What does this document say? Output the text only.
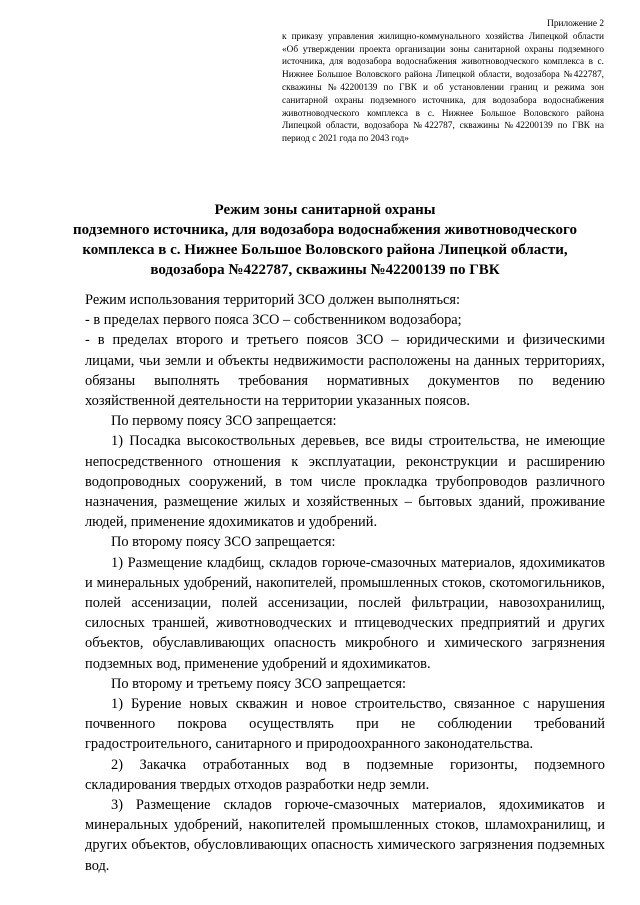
Приложение 2
к приказу управления жилищно-коммунального хозяйства Липецкой области «Об утверждении проекта организации зоны санитарной охраны подземного источника, для водозабора водоснабжения животноводческого комплекса в с. Нижнее Большое Воловского района Липецкой области, водозабора №422787, скважины №42200139 по ГВК и об установлении границ и режима зон санитарной охраны подземного источника, для водозабора водоснабжения животноводческого комплекса в с. Нижнее Большое Воловского района Липецкой области, водозабора №422787, скважины №42200139 по ГВК на период с 2021 года по 2043 год»
Режим зоны санитарной охраны
подземного источника, для водозабора водоснабжения животноводческого комплекса в с. Нижнее Большое Воловского района Липецкой области, водозабора №422787, скважины №42200139 по ГВК

Режим использования территорий ЗСО должен выполняться:

- в пределах первого пояса ЗСО – собственником водозабора;

- в пределах второго и третьего поясов ЗСО – юридическими и физическими лицами, чьи земли и объекты недвижимости расположены на данных территориях, обязаны выполнять требования нормативных документов по ведению хозяйственной деятельности на территории указанных поясов.

По первому поясу ЗСО запрещается:

1) Посадка высокоствольных деревьев, все виды строительства, не имеющие непосредственного отношения к эксплуатации, реконструкции и расширению водопроводных сооружений, в том числе прокладка трубопроводов различного назначения, размещение жилых и хозяйственных – бытовых зданий, проживание людей, применение ядохимикатов и удобрений.

По второму поясу ЗСО запрещается:

1) Размещение кладбищ, складов горюче-смазочных материалов, ядохимикатов и минеральных удобрений, накопителей, промышленных стоков, скотомогильников, полей ассенизации, полей ассенизации, послей фильтрации, навозохранилищ, силосных траншей, животноводческих и птицеводческих предприятий и других объектов, обуславливающих опасность микробного и химического загрязнения подземных вод, применение удобрений и ядохимикатов.

По второму и третьему поясу ЗСО запрещается:

1) Бурение новых скважин и новое строительство, связанное с нарушения почвенного покрова осуществлять при не соблюдении требований градостроительного, санитарного и природоохранного законодательства.

2) Закачка отработанных вод в подземные горизонты, подземного складирования твердых отходов разработки недр земли.

3) Размещение складов горюче-смазочных материалов, ядохимикатов и минеральных удобрений, накопителей промышленных стоков, шламохранилищ, и других объектов, обусловливающих опасность химического загрязнения подземных вод.
